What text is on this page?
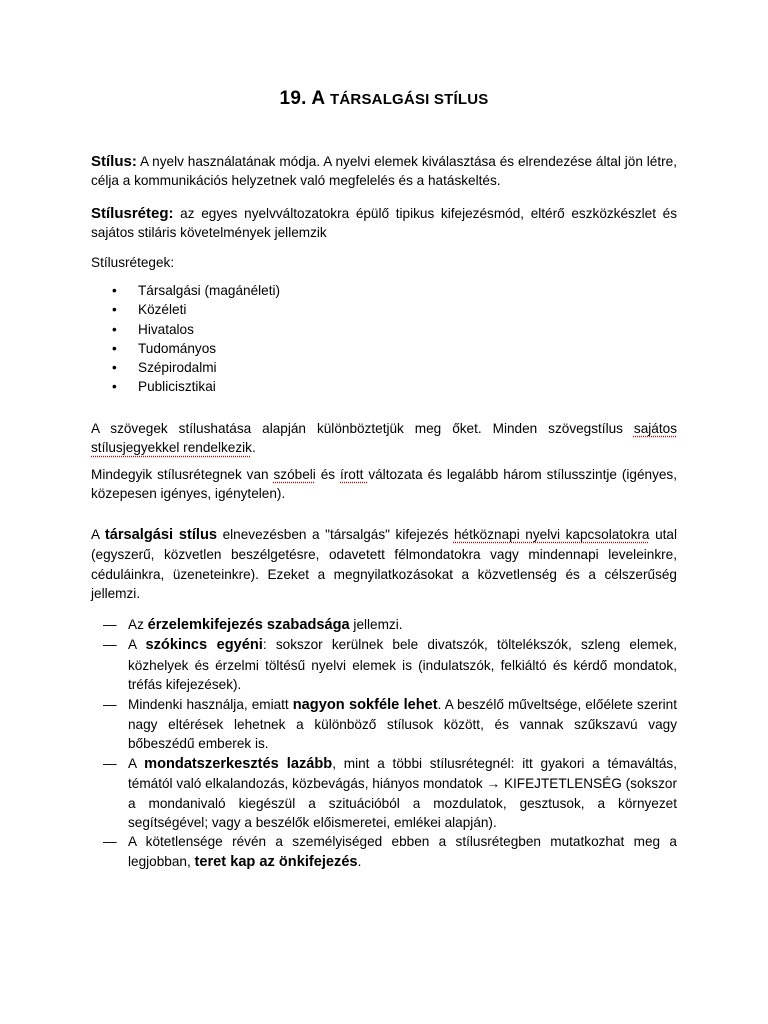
19. A TÁRSALGÁSI STÍLUS
Stílus: A nyelv használatának módja. A nyelvi elemek kiválasztása és elrendezése által jön létre, célja a kommunikációs helyzetnek való megfelelés és a hatáskeltés.
Stílusréteg: az egyes nyelvváltozatokra épülő tipikus kifejezésmód, eltérő eszközkészlet és sajátos stiláris követelmények jellemzik
Stílusrétegek:
• Társalgási (magánéleti)
• Közéleti
• Hivatalos
• Tudományos
• Szépirodalmi
• Publicisztikai
A szövegek stílushatása alapján különböztetjük meg őket. Minden szövegstílus sajátos stílusjegyekkel rendelkezik.
Mindegyik stílusrétegnek van szóbeli és írott változata és legalább három stílusszintje (igényes, közepesen igényes, igénytelen).
A társalgási stílus elnevezésben a "társalgás" kifejezés hétköznapi nyelvi kapcsolatokra utal (egyszerű, közvetlen beszélgetésre, odavetett félmondatokra vagy mindennapi leveleinkre, céduláinkra, üzeneteinkre). Ezeket a megnyilatkozásokat a közvetlenség és a célszerűség jellemzi.
— Az érzelemkifejezés szabadsága jellemzi.
— A szókincs egyéni: sokszor kerülnek bele divatszók, töltelékszók, szleng elemek, közhelyek és érzelmi töltésű nyelvi elemek is (indulatszók, felkiáltó és kérdő mondatok, tréfás kifejezések).
— Mindenki használja, emiatt nagyon sokféle lehet. A beszélő műveltsége, előélete szerint nagy eltérések lehetnek a különböző stílusok között, és vannak szűkszavú vagy bőbeszédű emberek is.
— A mondatszerkesztés lazább, mint a többi stílusrétegnél: itt gyakori a témaváltás, témától való elkalandozás, közbevágás, hiányos mondatok → KIFEJTETLENSÉG (sokszor a mondanivaló kiegészül a szituációból a mozdulatok, gesztusok, a környezet segítségével; vagy a beszélők előismeretei, emlékei alapján).
— A kötetlensége révén a személyiséged ebben a stílusrétegben mutatkozhat meg a legjobban, teret kap az önkifejezés.
